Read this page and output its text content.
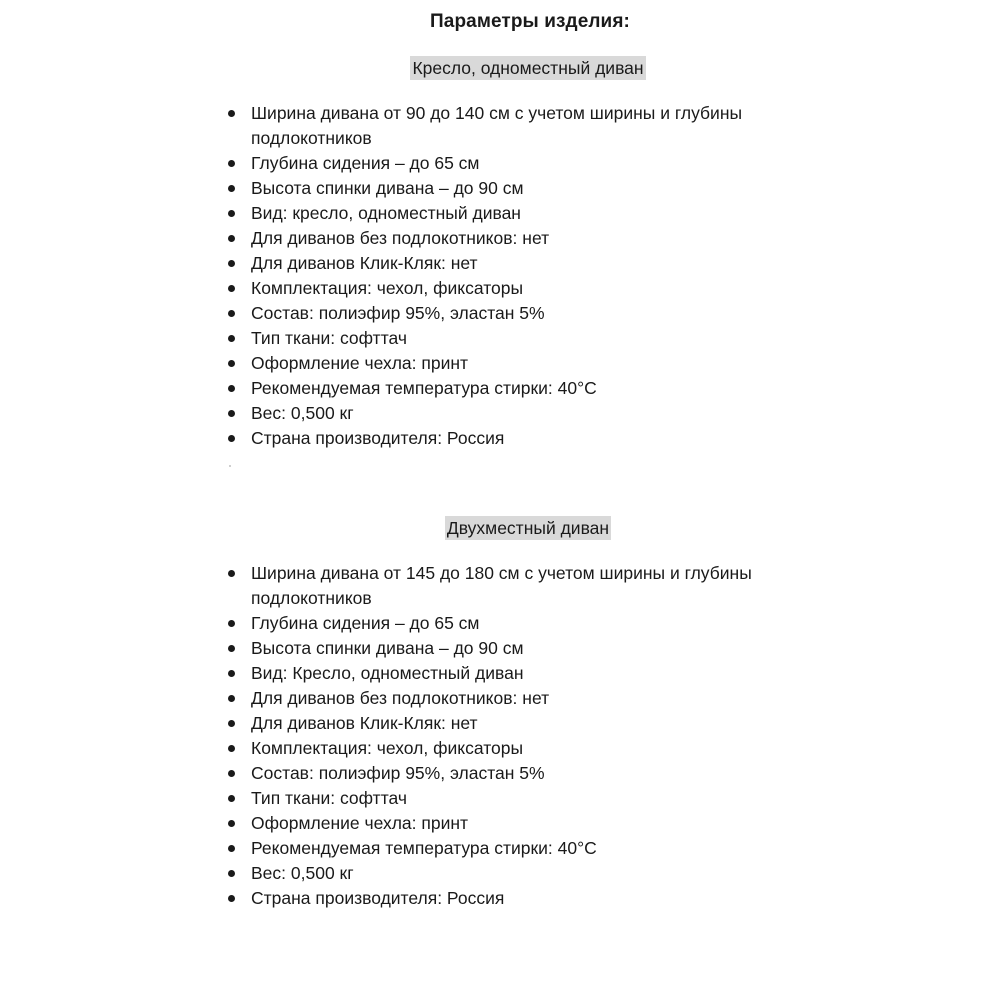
Параметры изделия:
Кресло, одноместный диван
Ширина дивана от 90 до 140 см с учетом ширины и глубины подлокотников
Глубина сидения – до 65 см
Высота спинки дивана – до 90 см
Вид: кресло, одноместный диван
Для диванов без подлокотников: нет
Для диванов Клик-Кляк: нет
Комплектация: чехол, фиксаторы
Состав: полиэфир 95%, эластан 5%
Тип ткани: софттач
Оформление чехла: принт
Рекомендуемая температура стирки: 40°С
Вес: 0,500 кг
Страна производителя: Россия
Двухместный диван
Ширина дивана от 145 до 180 см с учетом ширины и глубины подлокотников
Глубина сидения – до 65 см
Высота спинки дивана – до 90 см
Вид: Кресло, одноместный диван
Для диванов без подлокотников: нет
Для диванов Клик-Кляк: нет
Комплектация: чехол, фиксаторы
Состав: полиэфир 95%, эластан 5%
Тип ткани: софттач
Оформление чехла: принт
Рекомендуемая температура стирки: 40°С
Вес: 0,500 кг
Страна производителя: Россия
